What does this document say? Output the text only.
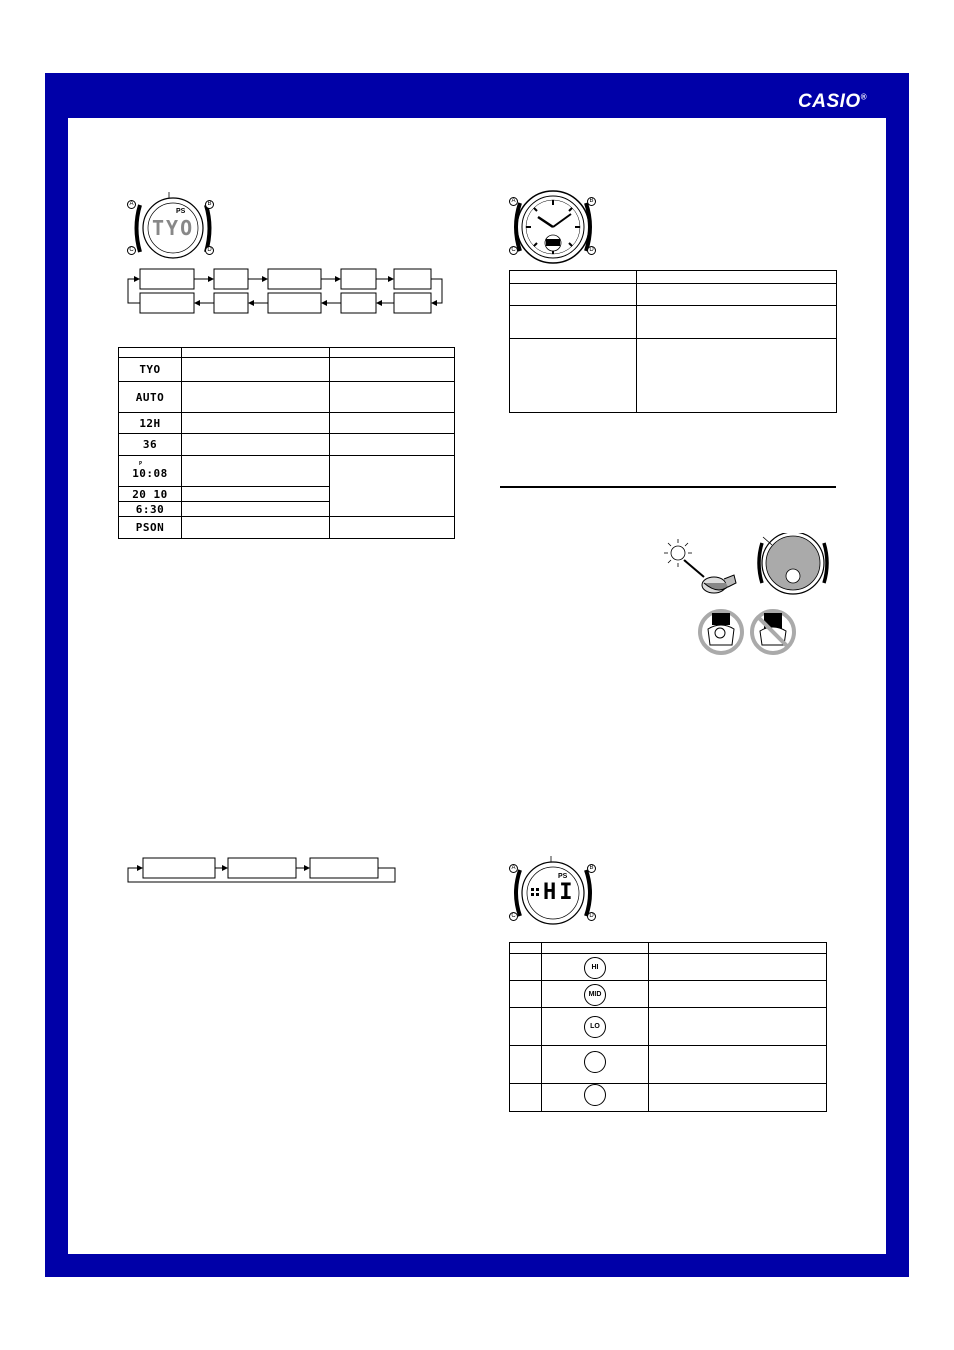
CASIO®
A	B
C	D
PS
TYO

TYO		
AUTO		
12H		
36		

P
10:08		
20 10		
6:30		
PSON		
A	B
C	D

A	B
C	D
PS
HI

	HI	
	MID	
	LO	
